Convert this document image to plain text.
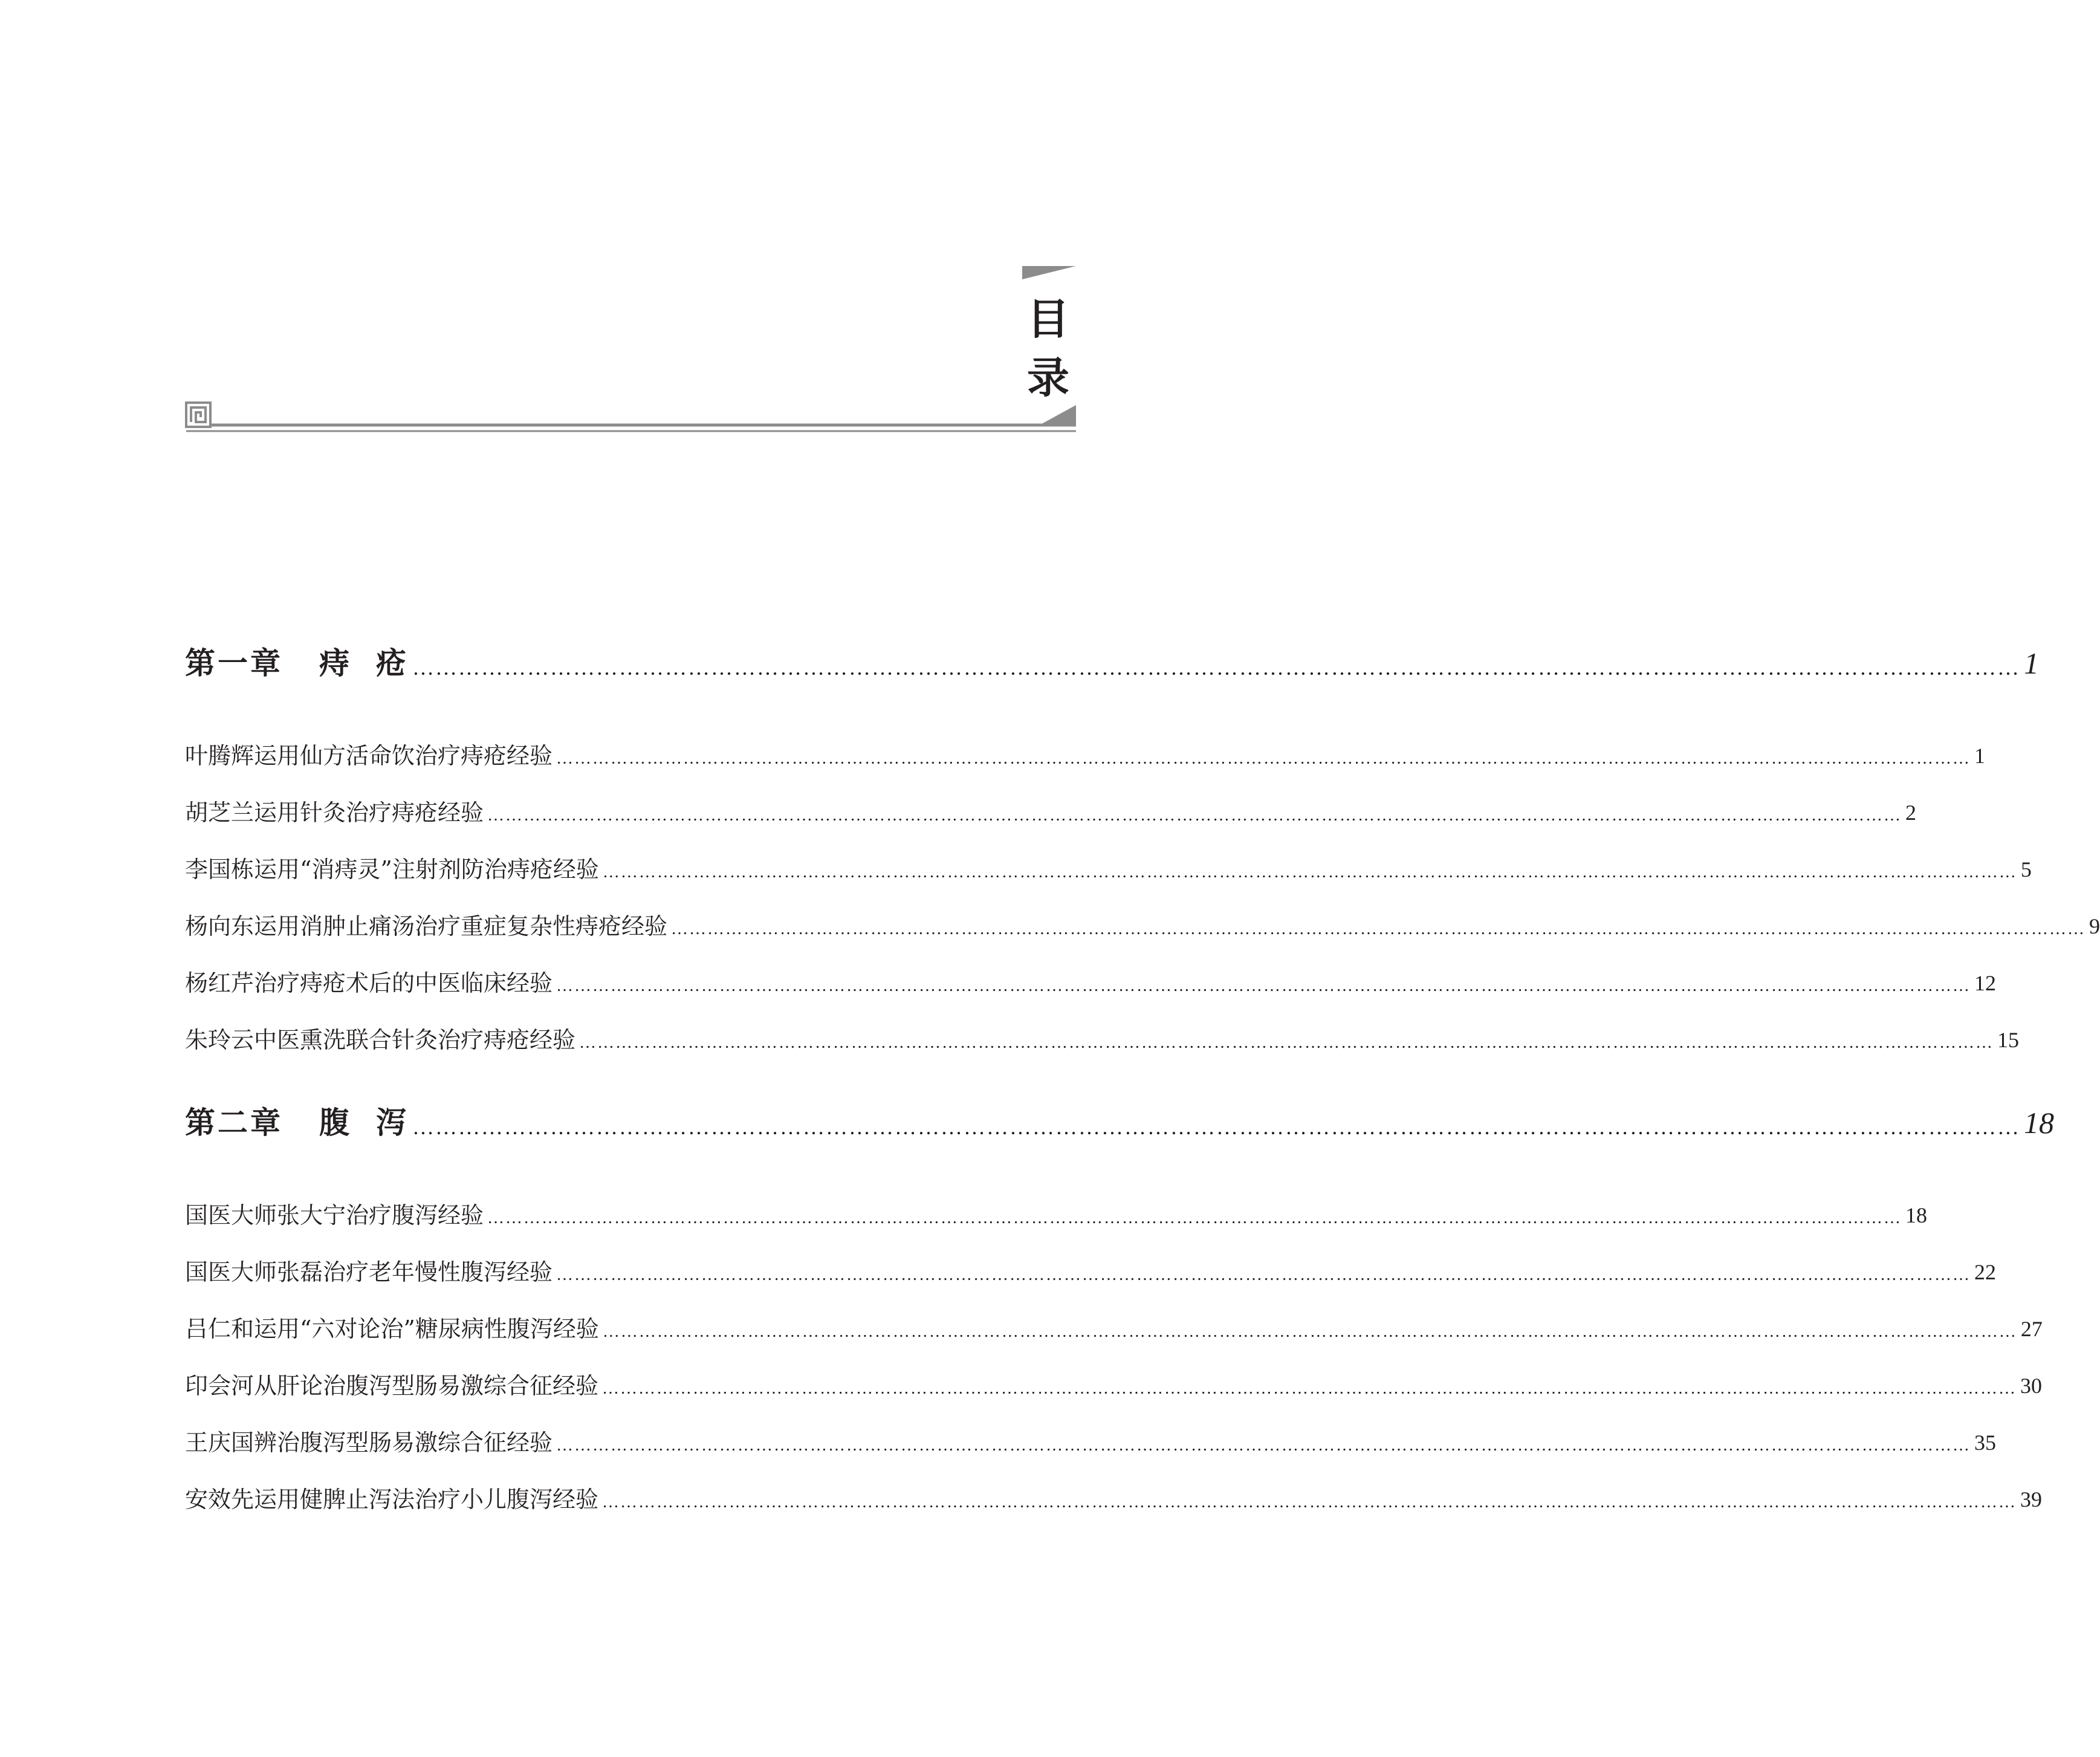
目
录
第一章 痔 疮 ………………………………………………………………………………………………………………………………………………………………………………………… 1
叶腾辉运用仙方活命饮治疗痔疮经验 ……………………………………………………………………………………………………………………………………………………………………………………………………………… 1
胡芝兰运用针灸治疗痔疮经验 ……………………………………………………………………………………………………………………………………………………………………………………………………………… 2
李国栋运用“消痔灵”注射剂防治痔疮经验 ……………………………………………………………………………………………………………………………………………………………………………………………………………… 5
杨向东运用消肿止痛汤治疗重症复杂性痔疮经验 ……………………………………………………………………………………………………………………………………………………………………………………………………………… 9
杨红芹治疗痔疮术后的中医临床经验 ……………………………………………………………………………………………………………………………………………………………………………………………………………… 12
朱玲云中医熏洗联合针灸治疗痔疮经验 ……………………………………………………………………………………………………………………………………………………………………………………………………………… 15
第二章 腹 泻 ………………………………………………………………………………………………………………………………………………………………………………………… 18
国医大师张大宁治疗腹泻经验 ……………………………………………………………………………………………………………………………………………………………………………………………………………… 18
国医大师张磊治疗老年慢性腹泻经验 ……………………………………………………………………………………………………………………………………………………………………………………………………………… 22
吕仁和运用“六对论治”糖尿病性腹泻经验 ……………………………………………………………………………………………………………………………………………………………………………………………………………… 27
印会河从肝论治腹泻型肠易激综合征经验 ……………………………………………………………………………………………………………………………………………………………………………………………………………… 30
王庆国辨治腹泻型肠易激综合征经验 ……………………………………………………………………………………………………………………………………………………………………………………………………………… 35
安效先运用健脾止泻法治疗小儿腹泻经验 ……………………………………………………………………………………………………………………………………………………………………………………………………………… 39
